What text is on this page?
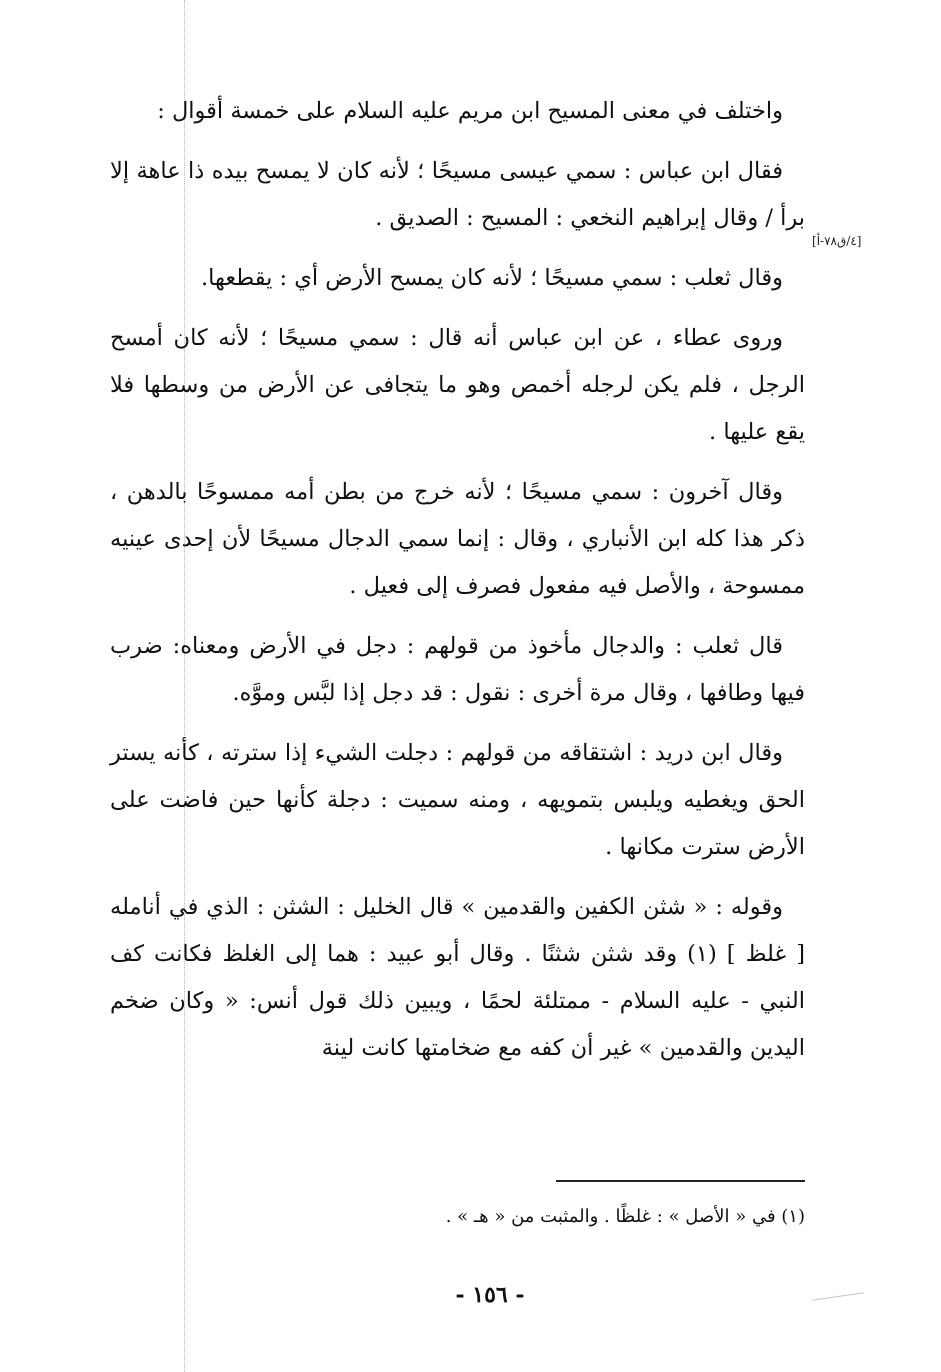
[٤/ق٧٨-أ]

واختلف في معنى المسيح ابن مريم عليه السلام على خمسة أقوال :

فقال ابن عباس : سمي عيسى مسيحًا ؛ لأنه كان لا يمسح بيده ذا عاهة إلا برأ / وقال إبراهيم النخعي : المسيح : الصديق .

وقال ثعلب : سمي مسيحًا ؛ لأنه كان يمسح الأرض أي : يقطعها.

وروى عطاء ، عن ابن عباس أنه قال : سمي مسيحًا ؛ لأنه كان أمسح الرجل ، فلم يكن لرجله أخمص وهو ما يتجافى عن الأرض من وسطها فلا يقع عليها .

وقال آخرون : سمي مسيحًا ؛ لأنه خرج من بطن أمه ممسوحًا بالدهن ، ذكر هذا كله ابن الأنباري ، وقال : إنما سمي الدجال مسيحًا لأن إحدى عينيه ممسوحة ، والأصل فيه مفعول فصرف إلى فعيل .

قال ثعلب : والدجال مأخوذ من قولهم : دجل في الأرض ومعناه: ضرب فيها وطافها ، وقال مرة أخرى : نقول : قد دجل إذا لبَّس وموَّه.

وقال ابن دريد : اشتقاقه من قولهم : دجلت الشيء إذا سترته ، كأنه يستر الحق ويغطيه ويلبس بتمويهه ، ومنه سميت : دجلة كأنها حين فاضت على الأرض سترت مكانها .

وقوله : « شثن الكفين والقدمين » قال الخليل : الشثن : الذي في أنامله [ غلظ ] (١) وقد شثن شثنًا . وقال أبو عبيد : هما إلى الغلظ فكانت كف النبي - عليه السلام - ممتلئة لحمًا ، ويبين ذلك قول أنس: « وكان ضخم اليدين والقدمين » غير أن كفه مع ضخامتها كانت لينة

(١) في « الأصل » : غلظًا . والمثبت من « هـ » .
- ١٥٦ -
